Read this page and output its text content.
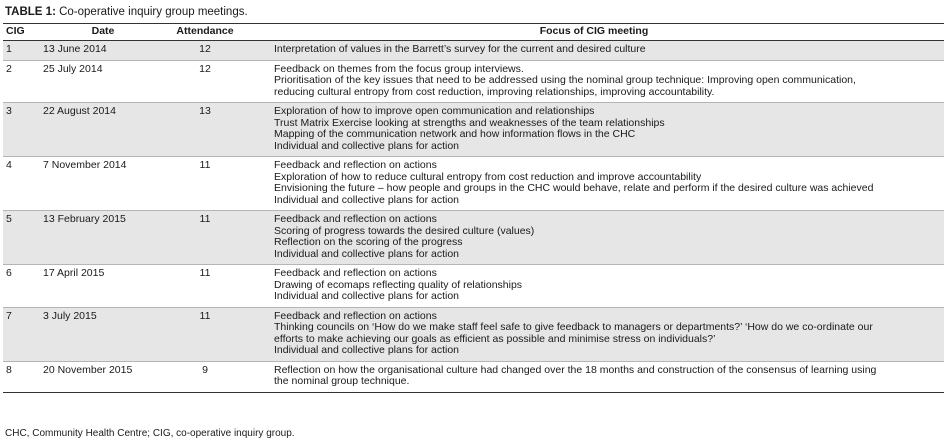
TABLE 1: Co-operative inquiry group meetings.
CIG	Date	Attendance	Focus of CIG meeting
1	13 June 2014	12	Interpretation of values in the Barrett’s survey for the current and desired culture

2	25 July 2014	12	Feedback on themes from the focus group interviews.
Prioritisation of the key issues that need to be addressed using the nominal group technique: Improving open communication,
reducing cultural entropy from cost reduction, improving relationships, improving accountability.

3	22 August 2014	13	Exploration of how to improve open communication and relationships
Trust Matrix Exercise looking at strengths and weaknesses of the team relationships
Mapping of the communication network and how information flows in the CHC
Individual and collective plans for action

4	7 November 2014	11	Feedback and reflection on actions
Exploration of how to reduce cultural entropy from cost reduction and improve accountability
Envisioning the future – how people and groups in the CHC would behave, relate and perform if the desired culture was achieved
Individual and collective plans for action

5	13 February 2015	11	Feedback and reflection on actions
Scoring of progress towards the desired culture (values)
Reflection on the scoring of the progress
Individual and collective plans for action

6	17 April 2015	11	Feedback and reflection on actions
Drawing of ecomaps reflecting quality of relationships
Individual and collective plans for action

7	3 July 2015	11	Feedback and reflection on actions
Thinking councils on ‘How do we make staff feel safe to give feedback to managers or departments?’ ‘How do we co-ordinate our
efforts to make achieving our goals as efficient as possible and minimise stress on individuals?’
Individual and collective plans for action

8	20 November 2015	9	Reflection on how the organisational culture had changed over the 18 months and construction of the consensus of learning using
the nominal group technique.
CHC, Community Health Centre; CIG, co-operative inquiry group.
